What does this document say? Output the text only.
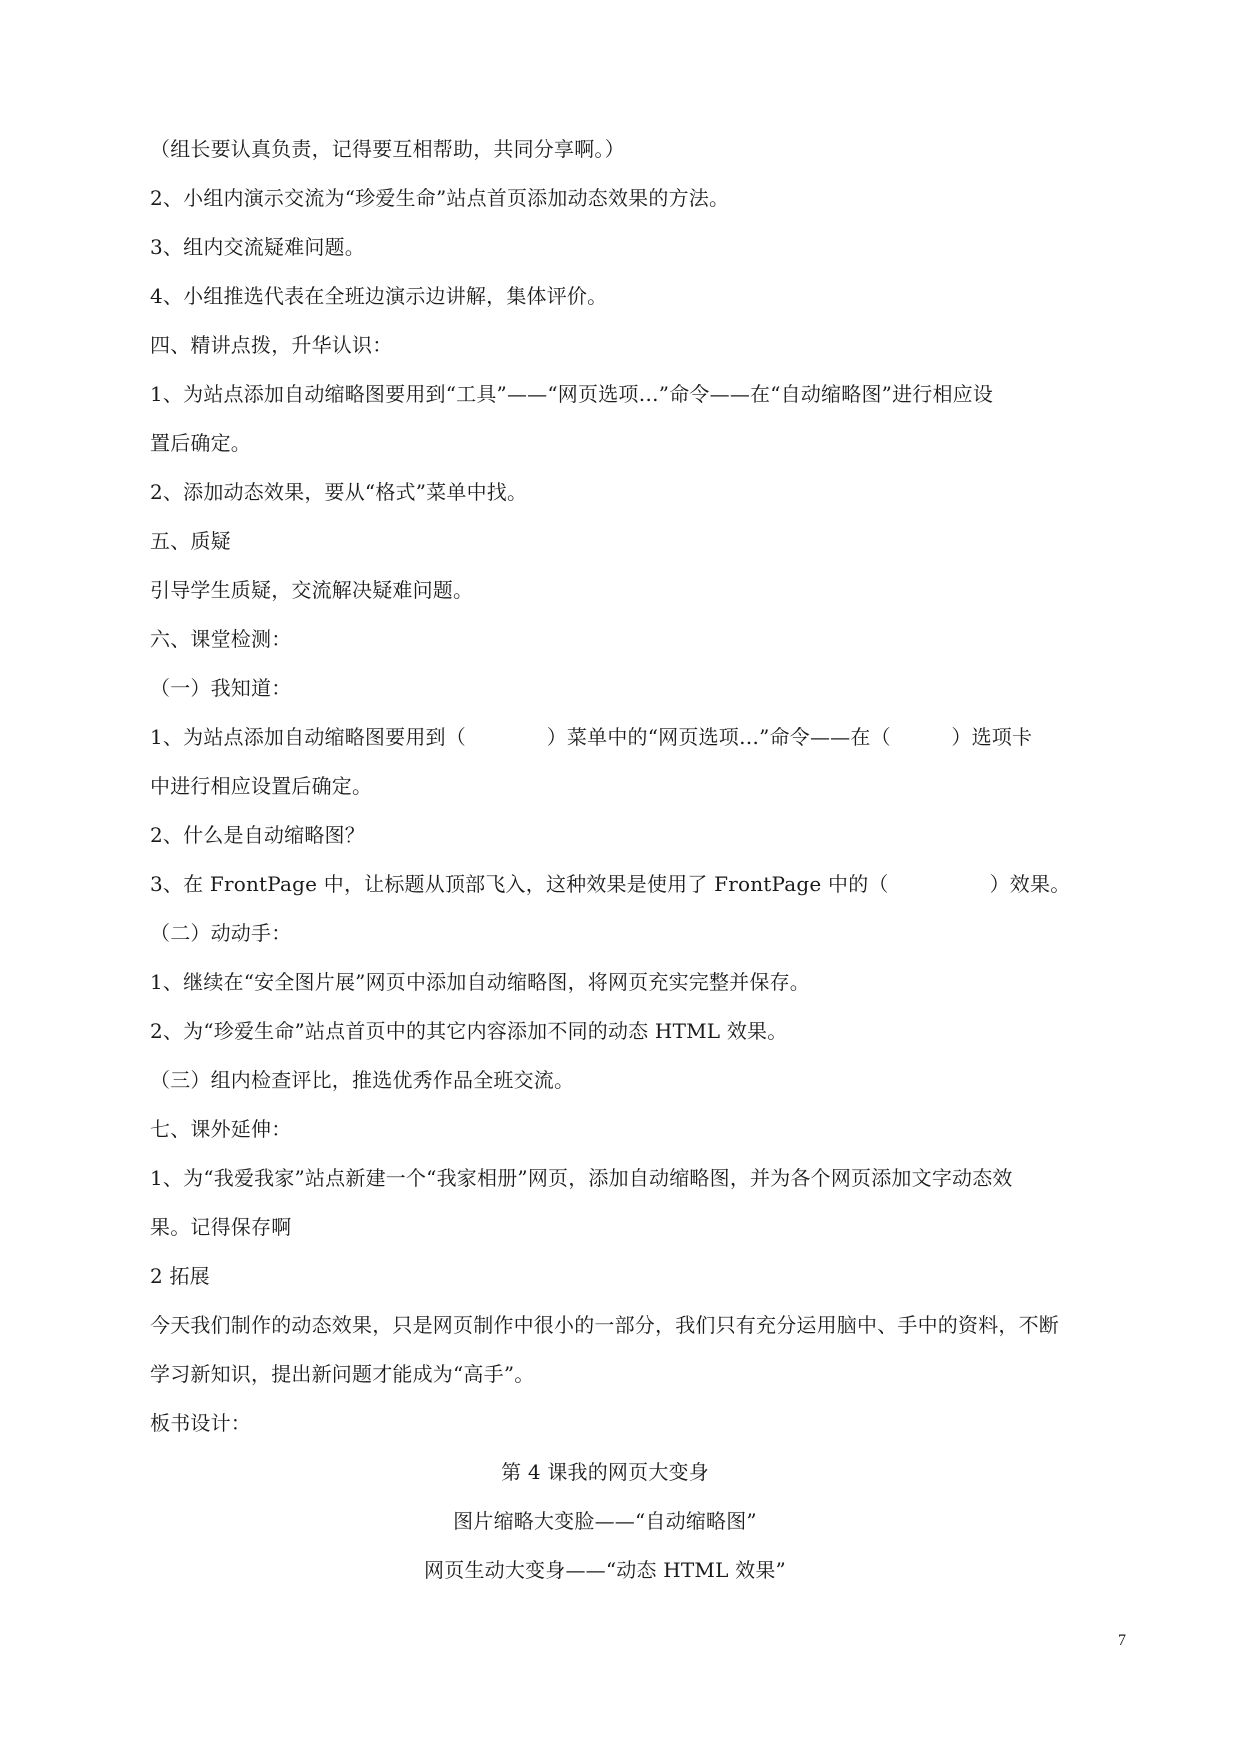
（组长要认真负责，记得要互相帮助，共同分享啊。）
2、小组内演示交流为“珍爱生命”站点首页添加动态效果的方法。
3、组内交流疑难问题。
4、小组推选代表在全班边演示边讲解，集体评价。
四、精讲点拨，升华认识：
1、为站点添加自动缩略图要用到“工具”——“网页选项…”命令——在“自动缩略图”进行相应设
置后确定。
2、添加动态效果，要从“格式”菜单中找。
五、质疑
引导学生质疑，交流解决疑难问题。
六、课堂检测：
（一）我知道：
1、为站点添加自动缩略图要用到（　　　　）菜单中的“网页选项…”命令——在（　　　）选项卡
中进行相应设置后确定。
2、什么是自动缩略图？
3、在 FrontPage 中，让标题从顶部飞入，这种效果是使用了 FrontPage 中的（　　　　　）效果。
（二）动动手：
1、继续在“安全图片展”网页中添加自动缩略图，将网页充实完整并保存。
2、为“珍爱生命”站点首页中的其它内容添加不同的动态 HTML 效果。
（三）组内检查评比，推选优秀作品全班交流。
七、课外延伸：
1、为“我爱我家”站点新建一个“我家相册”网页，添加自动缩略图，并为各个网页添加文字动态效
果。记得保存啊
2 拓展
今天我们制作的动态效果，只是网页制作中很小的一部分，我们只有充分运用脑中、手中的资料，不断
学习新知识，提出新问题才能成为“高手”。
板书设计：
第 4 课我的网页大变身
图片缩略大变脸——“自动缩略图”
网页生动大变身——“动态 HTML 效果”
7
